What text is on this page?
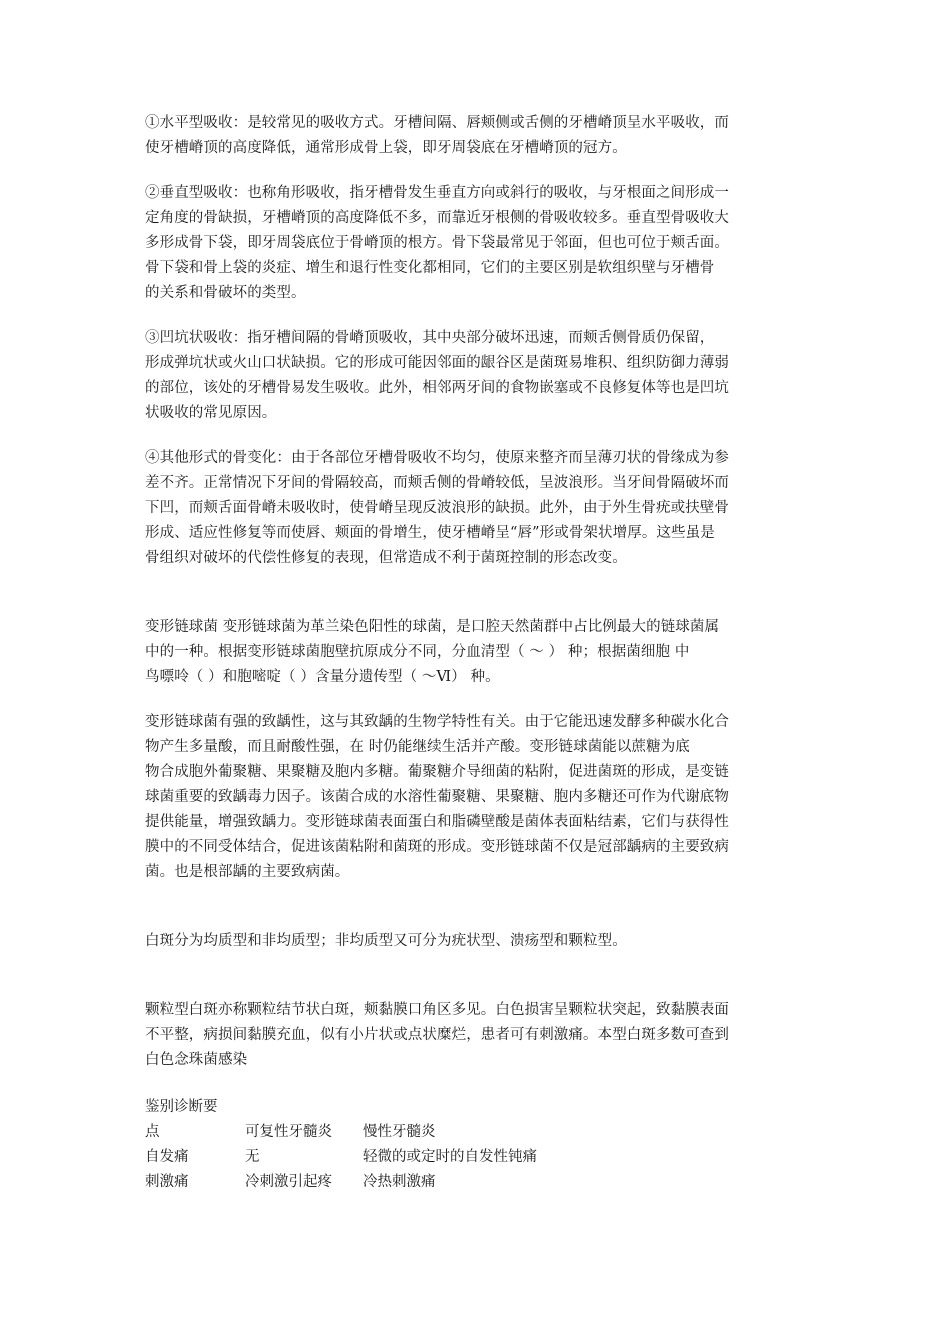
①水平型吸收：是较常见的吸收方式。牙槽间隔、唇颊侧或舌侧的牙槽嵴顶呈水平吸收，而
使牙槽嵴顶的高度降低，通常形成骨上袋，即牙周袋底在牙槽嵴顶的冠方。

②垂直型吸收：也称角形吸收，指牙槽骨发生垂直方向或斜行的吸收，与牙根面之间形成一
定角度的骨缺损，牙槽嵴顶的高度降低不多，而靠近牙根侧的骨吸收较多。垂直型骨吸收大
多形成骨下袋，即牙周袋底位于骨嵴顶的根方。骨下袋最常见于邻面，但也可位于颊舌面。
骨下袋和骨上袋的炎症、增生和退行性变化都相同，它们的主要区别是软组织壁与牙槽骨
的关系和骨破坏的类型。

③凹坑状吸收：指牙槽间隔的骨嵴顶吸收，其中央部分破坏迅速，而颊舌侧骨质仍保留，
形成弹坑状或火山口状缺损。它的形成可能因邻面的龈谷区是菌斑易堆积、组织防御力薄弱
的部位，该处的牙槽骨易发生吸收。此外，相邻两牙间的食物嵌塞或不良修复体等也是凹坑
状吸收的常见原因。

④其他形式的骨变化：由于各部位牙槽骨吸收不均匀，使原来整齐而呈薄刃状的骨缘成为参
差不齐。正常情况下牙间的骨隔较高，而颊舌侧的骨嵴较低，呈波浪形。当牙间骨隔破坏而
下凹，而颊舌面骨嵴未吸收时，使骨嵴呈现反波浪形的缺损。此外，由于外生骨疣或扶壁骨
形成、适应性修复等而使唇、颊面的骨增生，使牙槽嵴呈“唇”形或骨架状增厚。这些虽是
骨组织对破坏的代偿性修复的表现，但常造成不利于菌斑控制的形态改变。

变形链球菌 变形链球菌为革兰染色阳性的球菌，是口腔天然菌群中占比例最大的链球菌属
中的一种。根据变形链球菌胞壁抗原成分不同，分血清型（ ～ ） 种；根据菌细胞 中
鸟嘌呤（ ）和胞嘧啶（ ）含量分遗传型（ ～Ⅵ） 种。

变形链球菌有强的致龋性，这与其致龋的生物学特性有关。由于它能迅速发酵多种碳水化合
物产生多量酸，而且耐酸性强，在 时仍能继续生活并产酸。变形链球菌能以蔗糖为底
物合成胞外葡聚糖、果聚糖及胞内多糖。葡聚糖介导细菌的粘附，促进菌斑的形成，是变链
球菌重要的致龋毒力因子。该菌合成的水溶性葡聚糖、果聚糖、胞内多糖还可作为代谢底物
提供能量，增强致龋力。变形链球菌表面蛋白和脂磷壁酸是菌体表面粘结素，它们与获得性
膜中的不同受体结合，促进该菌粘附和菌斑的形成。变形链球菌不仅是冠部龋病的主要致病
菌。也是根部龋的主要致病菌。

白斑分为均质型和非均质型；非均质型又可分为疣状型、溃疡型和颗粒型。

颗粒型白斑亦称颗粒结节状白斑，颊黏膜口角区多见。白色损害呈颗粒状突起，致黏膜表面
不平整，病损间黏膜充血，似有小片状或点状糜烂，患者可有刺激痛。本型白斑多数可查到
白色念珠菌感染

鉴别诊断要
点	可复性牙髓炎	慢性牙髓炎
自发痛	无	轻微的或定时的自发性钝痛
刺激痛	冷刺激引起疼	冷热刺激痛
